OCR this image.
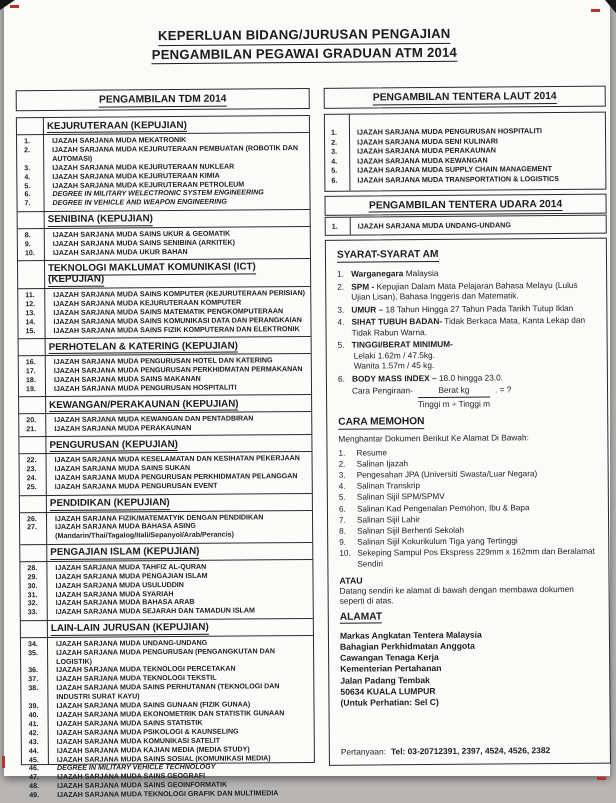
KEPERLUAN BIDANG/JURUSAN PENGAJIAN
PENGAMBILAN PEGAWAI GRADUAN ATM 2014
PENGAMBILAN TDM 2014
KEJURUTERAAN (KEPUJIAN)
1.	IJAZAH SARJANA MUDA MEKATRONIK
2.	IJAZAH SARJANA MUDA KEJURUTERAAN PEMBUATAN (ROBOTIK DAN AUTOMASI)
3.	IJAZAH SARJANA MUDA KEJURUTERAAN NUKLEAR
4.	IJAZAH SARJANA MUDA KEJURUTERAAN KIMIA
5.	IJAZAH SARJANA MUDA KEJURUTERAAN PETROLEUM
6.	DEGREE IN MILITARY WELECTRONIC SYSTEM ENGINEERING
7.	DEGREE IN VEHICLE AND WEAPON ENGINEERING
SENIBINA (KEPUJIAN)
8.	IJAZAH SARJANA MUDA SAINS UKUR & GEOMATIK
9.	IJAZAH SARJANA MUDA SAINS SENIBINA (ARKITEK)
10.	IJAZAH SARJANA MUDA UKUR BAHAN
TEKNOLOGI MAKLUMAT KOMUNIKASI (ICT) (KEPUJIAN)
11.	IJAZAH SARJANA MUDA SAINS KOMPUTER (KEJURUTERAAN PERISIAN)
12.	IJAZAH SARJANA MUDA KEJURUTERAAN KOMPUTER
13.	IJAZAH SARJANA MUDA SAINS MATEMATIK PENGKOMPUTERAAN
14.	IJAZAH SARJANA MUDA SAINS KOMUNIKASI DATA DAN PERANGKAIAN
15.	IJAZAH SARJANA MUDA SAINS FIZIK KOMPUTERAN DAN ELEKTRONIK
PERHOTELAN & KATERING (KEPUJIAN)
16.	IJAZAH SARJANA MUDA PENGURUSAN HOTEL DAN KATERING
17.	IJAZAH SARJANA MUDA PENGURUSAN PERKHIDMATAN PERMAKANAN
18.	IJAZAH SARJANA MUDA SAINS MAKANAN
19.	IJAZAH SARJANA MUDA PENGURUSAN HOSPITALITI
KEWANGAN/PERAKAUNAN (KEPUJIAN)
20.	IJAZAH SARJANA MUDA KEWANGAN DAN PENTADBIRAN
21.	IJAZAH SARJANA MUDA PERAKAUNAN
PENGURUSAN (KEPUJIAN)
22.	IJAZAH SARJANA MUDA KESELAMATAN DAN KESIHATAN PEKERJAAN
23.	IJAZAH SARJANA MUDA SAINS SUKAN
24.	IJAZAH SARJANA MUDA PENGURUSAN PERKHIDMATAN PELANGGAN
25.	IJAZAH SARJANA MUDA PENGURUSAN EVENT
PENDIDIKAN (KEPUJIAN)
26.	IJAZAH SARJANA FIZIK/MATEMATYIK DENGAN PENDIDIKAN
27.	IJAZAH SARJANA MUDA BAHASA ASING (Mandarin/Thai/Tagalog/Itali/Sepanyol/Arab/Perancis)
PENGAJIAN ISLAM (KEPUJIAN)
28.	IJAZAH SARJANA MUDA TAHFIZ AL-QURAN
29.	IJAZAH SARJANA MUDA PENGAJIAN ISLAM
30.	IJAZAH SARJANA MUDA USULUDDIN
31.	IJAZAH SARJANA MUDA SYARIAH
32.	IJAZAH SARJANA MUDA BAHASA ARAB
33.	IJAZAH SARJANA MUDA SEJARAH DAN TAMADUN ISLAM
LAIN-LAIN JURUSAN (KEPUJIAN)
34.	IJAZAH SARJANA MUDA UNDANG-UNDANG
35.	IJAZAH SARJANA MUDA PENGURUSAN (PENGANGKUTAN DAN LOGISTIK)
36.	IJAZAH SARJANA MUDA TEKNOLOGI PERCETAKAN
37.	IJAZAH SARJANA MUDA TEKNOLOGI TEKSTIL
38.	IJAZAH SARJANA MUDA SAINS PERHUTANAN (TEKNOLOGI DAN INDUSTRI SURAT KAYU)
39.	IJAZAH SARJANA MUDA SAINS GUNAAN (FIZIK GUNAA)
40.	IJAZAH SARJANA MUDA EKONOMETRIK DAN STATISTIK GUNAAN
41.	IJAZAH SARJANA MUDA SAINS STATISTIK
42.	IJAZAH SARJANA MUDA PSIKOLOGI & KAUNSELING
43.	IJAZAH SARJANA MUDA KOMUNIKASI SATELIT
44.	IJAZAH SARJANA MUDA KAJIAN MEDIA (MEDIA STUDY)
45.	IJAZAH SARJANA MUDA SAINS SOSIAL (KOMUNIKASI MEDIA)
46.	DEGREE IN MILITARY VEHICLE TECHNOLOGY
47.	IJAZAH SARJANA MUDA SAINS GEOGRAFI
48.	IJAZAH SARJANA MUDA SAINS GEOINFORMATIK
49.	IJAZAH SARJANA MUDA TEKNOLOGI GRAFIK DAN MULTIMEDIA
PENGAMBILAN TENTERA LAUT 2014
1.	IJAZAH SARJANA MUDA PENGURUSAN HOSPITALITI
2.	IJAZAH SARJANA MUDA SENI KULINARI
3.	IJAZAH SARJANA MUDA PERAKAUNAN
4.	IJAZAH SARJANA MUDA KEWANGAN
5.	IJAZAH SARJANA MUDA SUPPLY CHAIN MANAGEMENT
6.	IJAZAH SARJANA MUDA TRANSPORTATION & LOGISTICS
PENGAMBILAN TENTERA UDARA 2014
1.	IJAZAH SARJANA MUDA UNDANG-UNDANG
SYARAT-SYARAT AM
1. Warganegara Malaysia
2. SPM - Kepujian Dalam Mata Pelajaran Bahasa Melayu (Lulus Ujian Lisan), Bahasa Inggeris dan Matematik.
3. UMUR – 18 Tahun Hingga 27 Tahun Pada Tarikh Tutup Iklan
4. SIHAT TUBUH BADAN- Tidak Berkaca Mata, Kanta Lekap dan Tidak Rabun Warna.
5. TINGGI/BERAT MINIMUM-
Lelaki 1.62m / 47.5kg.
Wanita 1.57m / 45 kg.
6. BODY MASS INDEX – 18.0 hingga 23.0.
Cara Pengiraan- $\frac{\text{Berat kg}}{\text{Tinggi m ÷ Tinggi m}}$ . = ?
CARA MEMOHON
Menghantar Dokumen Berikut Ke Alamat Di Bawah:
1.	Resume
2.	Salinan Ijazah
3.	Pengesahan JPA (Universiti Swasta/Luar Negara)
4.	Salinan Transkrip
5.	Salinan Sijil SPM/SPMV
6.	Salinan Kad Pengenalan Pemohon, Ibu & Bapa
7.	Salinan Sijil Lahir
8.	Salinan Sijil Berhenti Sekolah
9.	Salinan Sijil Kokurikulum Tiga yang Tertinggi
10. Sekeping Sampul Pos Ekspress 229mm x 162mm dan Beralamat Sendiri
ATAU
Datang sendiri ke alamat di bawah dengan membawa dokumen seperti di atas.
ALAMAT
Markas Angkatan Tentera Malaysia
Bahagian Perkhidmatan Anggota
Cawangan Tenaga Kerja
Kementerian Pertahanan
Jalan Padang Tembak
50634 KUALA LUMPUR
(Untuk Perhatian: Sel C)
Pertanyaan: Tel: 03-20712391, 2397, 4524, 4526, 2382
